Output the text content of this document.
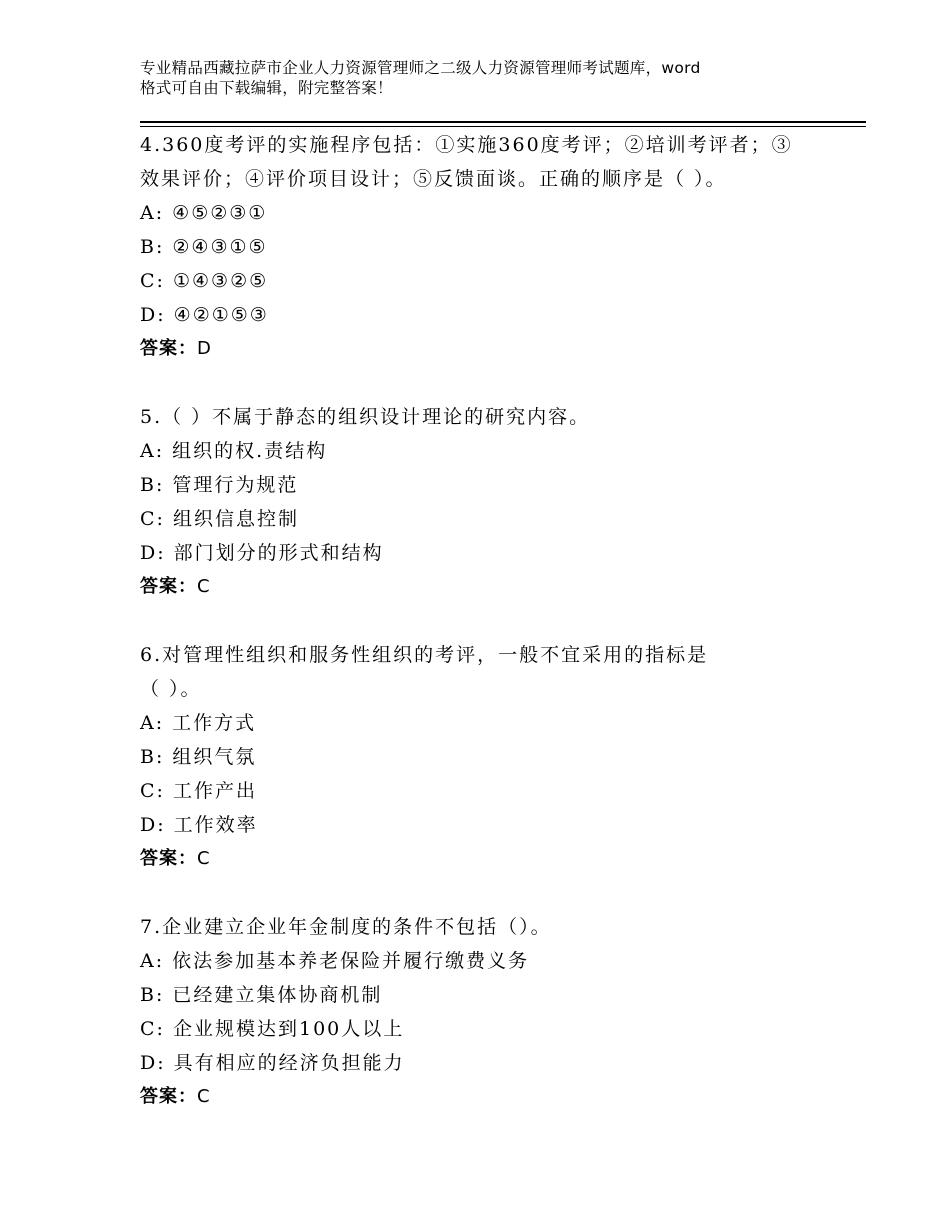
专业精品西藏拉萨市企业人力资源管理师之二级人力资源管理师考试题库，word
格式可自由下载编辑，附完整答案！
4.360度考评的实施程序包括：①实施360度考评；②培训考评者；③
效果评价；④评价项目设计；⑤反馈面谈。正确的顺序是（ ）。
A: ④⑤②③①
B: ②④③①⑤
C: ①④③②⑤
D: ④②①⑤③
答案：D
5.（ ）不属于静态的组织设计理论的研究内容。
A: 组织的权.责结构
B: 管理行为规范
C: 组织信息控制
D: 部门划分的形式和结构
答案：C
6.对管理性组织和服务性组织的考评，一般不宜采用的指标是
（ ）。
A: 工作方式
B: 组织气氛
C: 工作产出
D: 工作效率
答案：C
7.企业建立企业年金制度的条件不包括（）。
A: 依法参加基本养老保险并履行缴费义务
B: 已经建立集体协商机制
C: 企业规模达到100人以上
D: 具有相应的经济负担能力
答案：C
